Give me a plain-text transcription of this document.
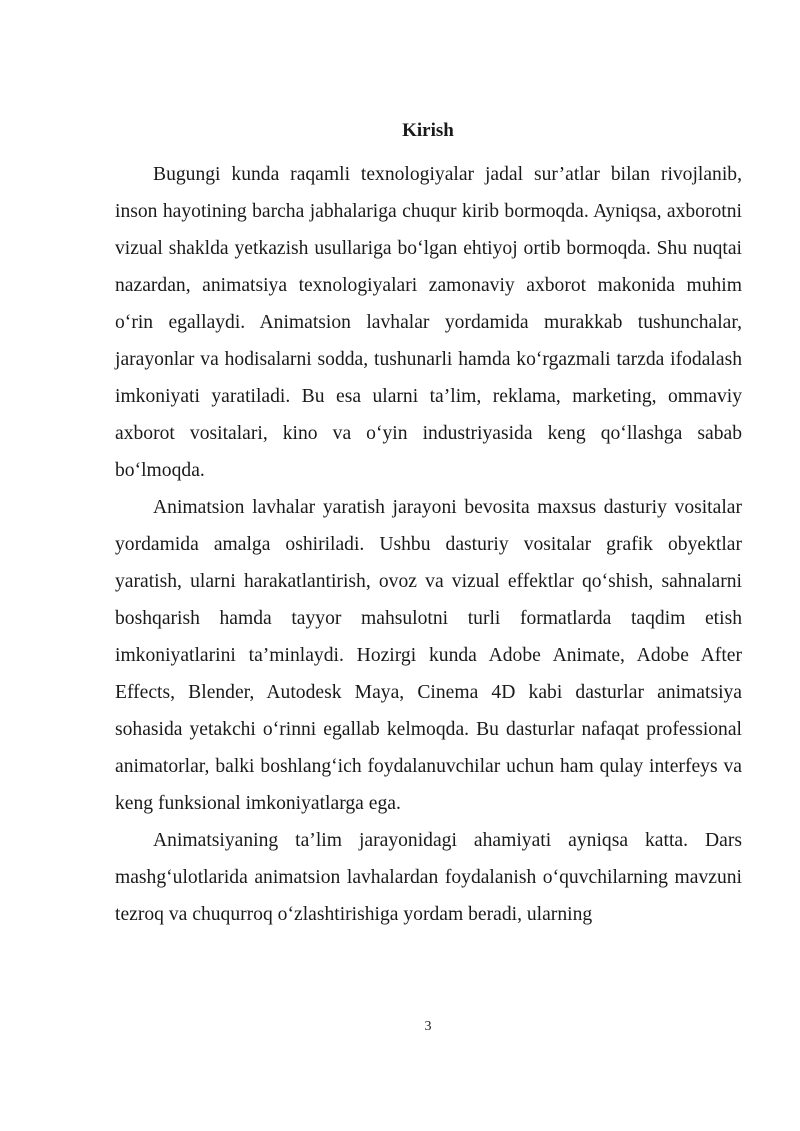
Kirish

Bugungi kunda raqamli texnologiyalar jadal sur’atlar bilan rivojlanib, inson hayotining barcha jabhalariga chuqur kirib bormoqda. Ayniqsa, axborotni vizual shaklda yetkazish usullariga bo‘lgan ehtiyoj ortib bormoqda. Shu nuqtai nazardan, animatsiya texnologiyalari zamonaviy axborot makonida muhim o‘rin egallaydi. Animatsion lavhalar yordamida murakkab tushunchalar, jarayonlar va hodisalarni sodda, tushunarli hamda ko‘rgazmali tarzda ifodalash imkoniyati yaratiladi. Bu esa ularni ta’lim, reklama, marketing, ommaviy axborot vositalari, kino va o‘yin industriyasida keng qo‘llashga sabab bo‘lmoqda.

Animatsion lavhalar yaratish jarayoni bevosita maxsus dasturiy vositalar yordamida amalga oshiriladi. Ushbu dasturiy vositalar grafik obyektlar yaratish, ularni harakatlantirish, ovoz va vizual effektlar qo‘shish, sahnalarni boshqarish hamda tayyor mahsulotni turli formatlarda taqdim etish imkoniyatlarini ta’minlaydi. Hozirgi kunda Adobe Animate, Adobe After Effects, Blender, Autodesk Maya, Cinema 4D kabi dasturlar animatsiya sohasida yetakchi o‘rinni egallab kelmoqda. Bu dasturlar nafaqat professional animatorlar, balki boshlang‘ich foydalanuvchilar uchun ham qulay interfeys va keng funksional imkoniyatlarga ega.

Animatsiyaning ta’lim jarayonidagi ahamiyati ayniqsa katta. Dars mashg‘ulotlarida animatsion lavhalardan foydalanish o‘quvchilarning mavzuni tezroq va chuqurroq o‘zlashtirishiga yordam beradi, ularning

3
